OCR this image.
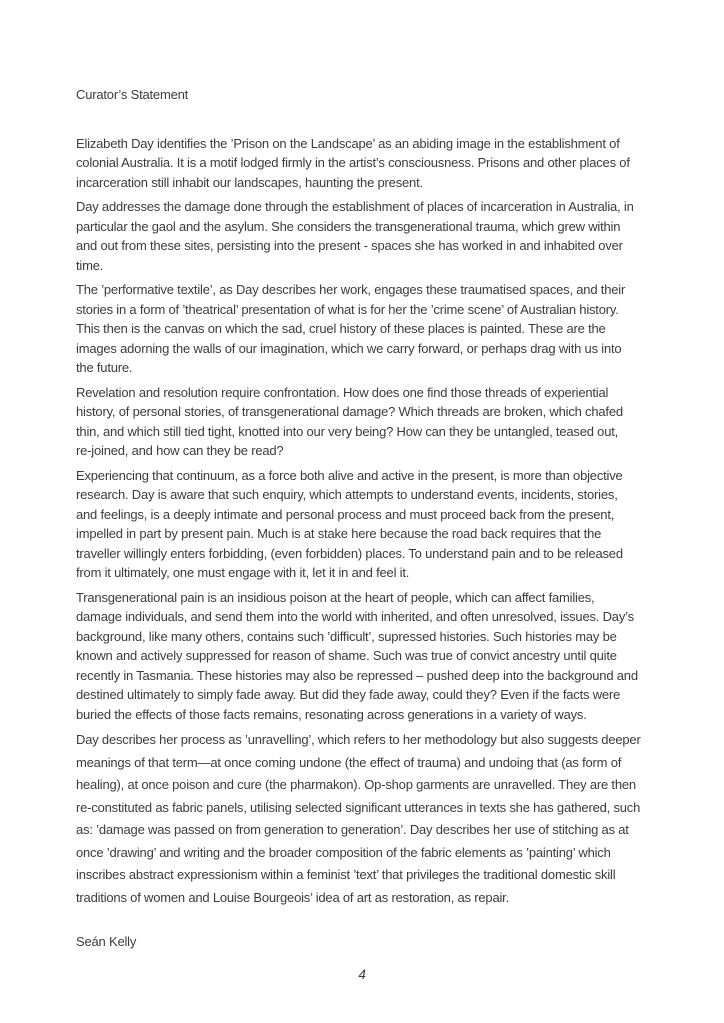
Curator’s Statement

Elizabeth Day identifies the ’Prison on the Landscape’ as an abiding image in the establishment of
colonial Australia. It is a motif lodged firmly in the artist’s consciousness. Prisons and other places of
incarceration still inhabit our landscapes, haunting the present.

Day addresses the damage done through the establishment of places of incarceration in Australia, in
particular the gaol and the asylum. She considers the transgenerational trauma, which grew within
and out from these sites, persisting into the present - spaces she has worked in and inhabited over
time.

The ’performative textile’, as Day describes her work, engages these traumatised spaces, and their
stories in a form of ’theatrical’ presentation of what is for her the ’crime scene’ of Australian history.
This then is the canvas on which the sad, cruel history of these places is painted. These are the
images adorning the walls of our imagination, which we carry forward, or perhaps drag with us into
the future.

Revelation and resolution require confrontation. How does one find those threads of experiential
history, of personal stories, of transgenerational damage? Which threads are broken, which chafed
thin, and which still tied tight, knotted into our very being? How can they be untangled, teased out,
re-joined, and how can they be read?

Experiencing that continuum, as a force both alive and active in the present, is more than objective
research. Day is aware that such enquiry, which attempts to understand events, incidents, stories,
and feelings, is a deeply intimate and personal process and must proceed back from the present,
impelled in part by present pain. Much is at stake here because the road back requires that the
traveller willingly enters forbidding, (even forbidden) places. To understand pain and to be released
from it ultimately, one must engage with it, let it in and feel it.

Transgenerational pain is an insidious poison at the heart of people, which can affect families,
damage individuals, and send them into the world with inherited, and often unresolved, issues. Day’s
background, like many others, contains such ’difficult’, supressed histories. Such histories may be
known and actively suppressed for reason of shame. Such was true of convict ancestry until quite
recently in Tasmania. These histories may also be repressed – pushed deep into the background and
destined ultimately to simply fade away. But did they fade away, could they? Even if the facts were
buried the effects of those facts remains, resonating across generations in a variety of ways.

Day describes her process as ’unravelling’, which refers to her methodology but also suggests deeper
meanings of that term—at once coming undone (the effect of trauma) and undoing that (as form of
healing), at once poison and cure (the pharmakon). Op-shop garments are unravelled. They are then
re-constituted as fabric panels, utilising selected significant utterances in texts she has gathered, such
as: ’damage was passed on from generation to generation’. Day describes her use of stitching as at
once ’drawing’ and writing and the broader composition of the fabric elements as ’painting’ which
inscribes abstract expressionism within a feminist ’text’ that privileges the traditional domestic skill
traditions of women and Louise Bourgeois’ idea of art as restoration, as repair.

Seán Kelly
4
